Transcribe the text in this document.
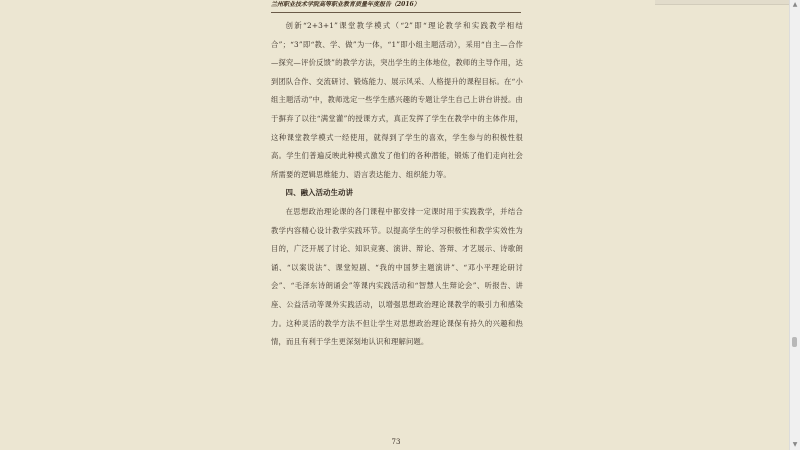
兰州职业技术学院高等职业教育质量年度报告（2016）

创新“2+3+1”课堂教学模式（“2”即“理论教学和实践教学相结合”；“3”即“教、学、做”为一体，“1”即小组主题活动），采用“自主—合作—探究—评价反馈”的教学方法，突出学生的主体地位，教师的主导作用，达到团队合作、交流研讨、锻炼能力、展示风采、人格提升的课程目标。在“小组主题活动”中，教师选定一些学生感兴趣的专题让学生自己上讲台讲授。由于摒弃了以往“满堂灌”的授课方式，真正发挥了学生在教学中的主体作用，这种课堂教学模式一经使用，就得到了学生的喜欢，学生参与的积极性很高。学生们普遍反映此种模式激发了他们的各种潜能，锻炼了他们走向社会所需要的逻辑思维能力、语言表达能力、组织能力等。

四、融入活动生动讲

在思想政治理论课的各门课程中都安排一定课时用于实践教学，并结合教学内容精心设计教学实践环节。以提高学生的学习积极性和教学实效性为目的，广泛开展了讨论、知识竞赛、演讲、辩论、答辩、才艺展示、诗歌朗诵、“以案说法”、课堂短剧、“我的中国梦主题演讲”、“邓小平理论研讨会”、“毛泽东诗朗诵会”等课内实践活动和“智慧人生辩论会”、听报告、讲座、公益活动等课外实践活动，以增强思想政治理论课教学的吸引力和感染力。这种灵活的教学方法不但让学生对思想政治理论课保有持久的兴趣和热情，而且有利于学生更深刻地认识和理解问题。

73
▲
▼
